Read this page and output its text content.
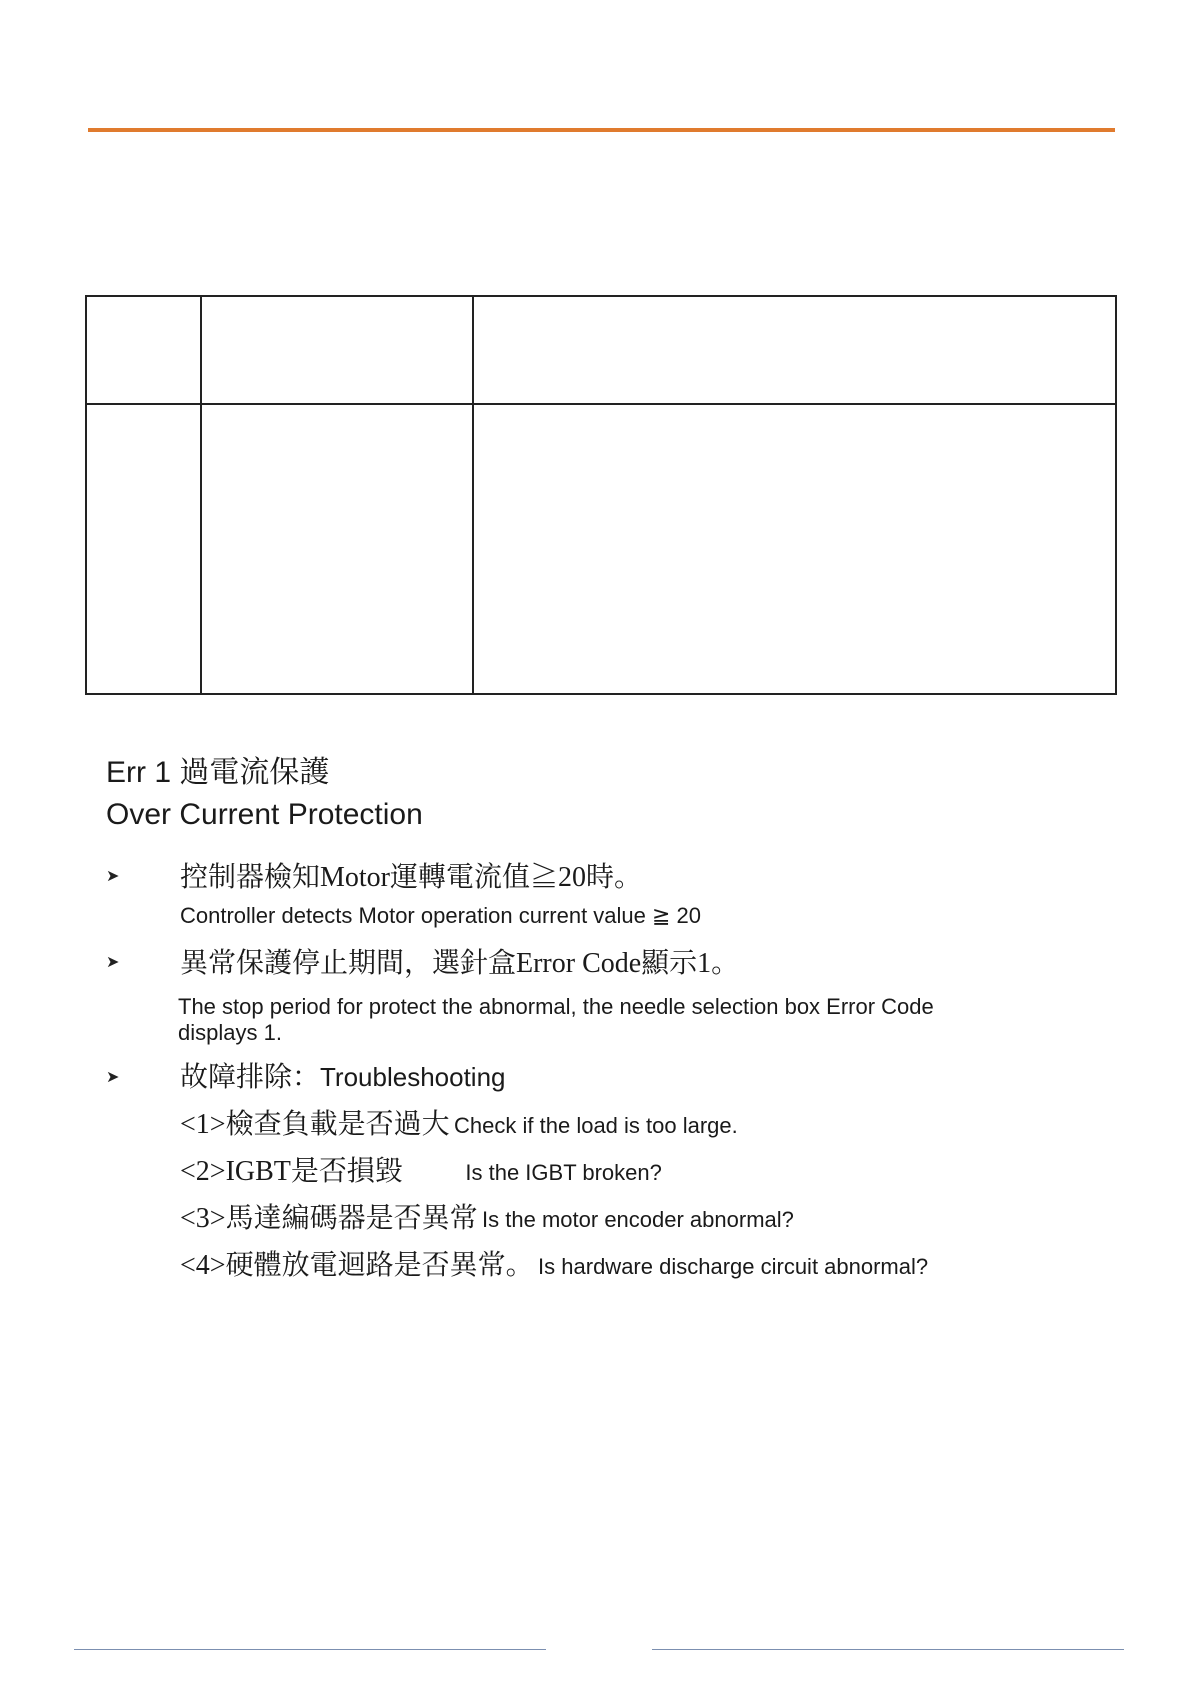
Err 1 過電流保護
Over Current Protection
➤ 控制器檢知Motor運轉電流值≧20時。
Controller detects Motor operation current value ≧ 20
➤ 異常保護停止期間，選針盒Error Code顯示1。
The stop period for protect the abnormal, the needle selection box Error Code
displays 1.
➤ 故障排除：Troubleshooting
<1>檢查負載是否過大 Check if the load is too large.
<2>IGBT是否損毀	Is the IGBT broken?
<3>馬達編碼器是否異常 Is the motor encoder abnormal?
<4>硬體放電迴路是否異常。 Is hardware discharge circuit abnormal?
